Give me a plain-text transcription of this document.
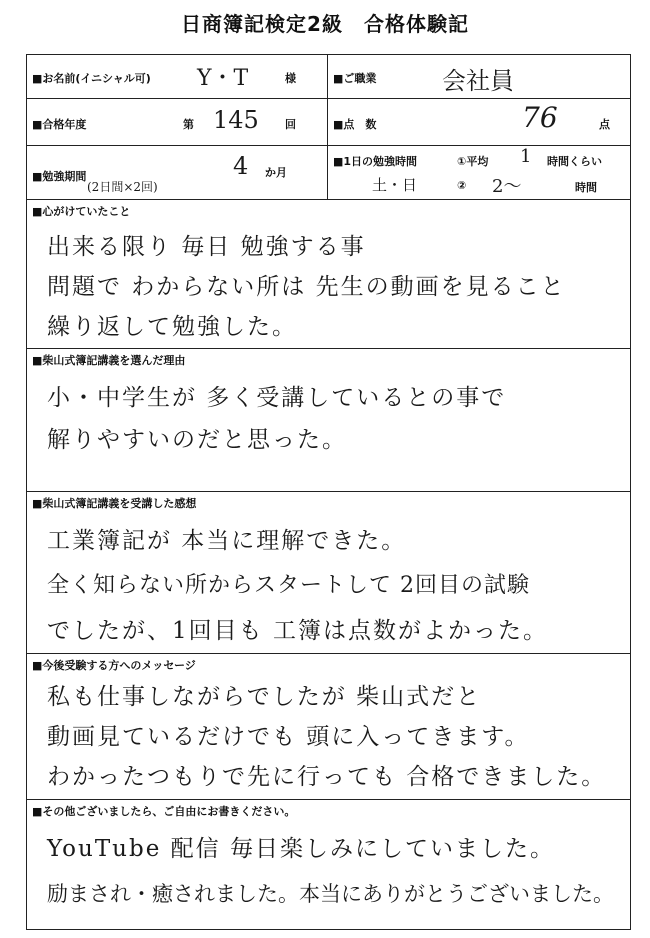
日商簿記検定2級　合格体験記
■お名前(イニシャル可) Y・T	様	■ご職業	会社員
■合格年度	第 145 回	■点　数	76	点
■勉強期間	4 か月
(2日間×2回)
■1日の勉強時間	①平均 1 時間くらい
土・日	② 2～	時間
■心がけていたこと
出来る限り 毎日 勉強する事
問題で わからない所は 先生の動画を見ること
繰り返して勉強した。
■柴山式簿記講義を選んだ理由
小・中学生が 多く受講しているとの事で
解りやすいのだと思った。
■柴山式簿記講義を受講した感想
工業簿記が 本当に理解できた。
全く知らない所からスタートして 2回目の試験
でしたが、1回目も 工簿は点数がよかった。
■今後受験する方へのメッセージ
私も仕事しながらでしたが 柴山式だと
動画見ているだけでも 頭に入ってきます。
わかったつもりで先に行っても 合格できました。
■その他ございましたら、ご自由にお書きください。
YouTube 配信 毎日楽しみにしていました。
励まされ・癒されました。本当にありがとうございました。
